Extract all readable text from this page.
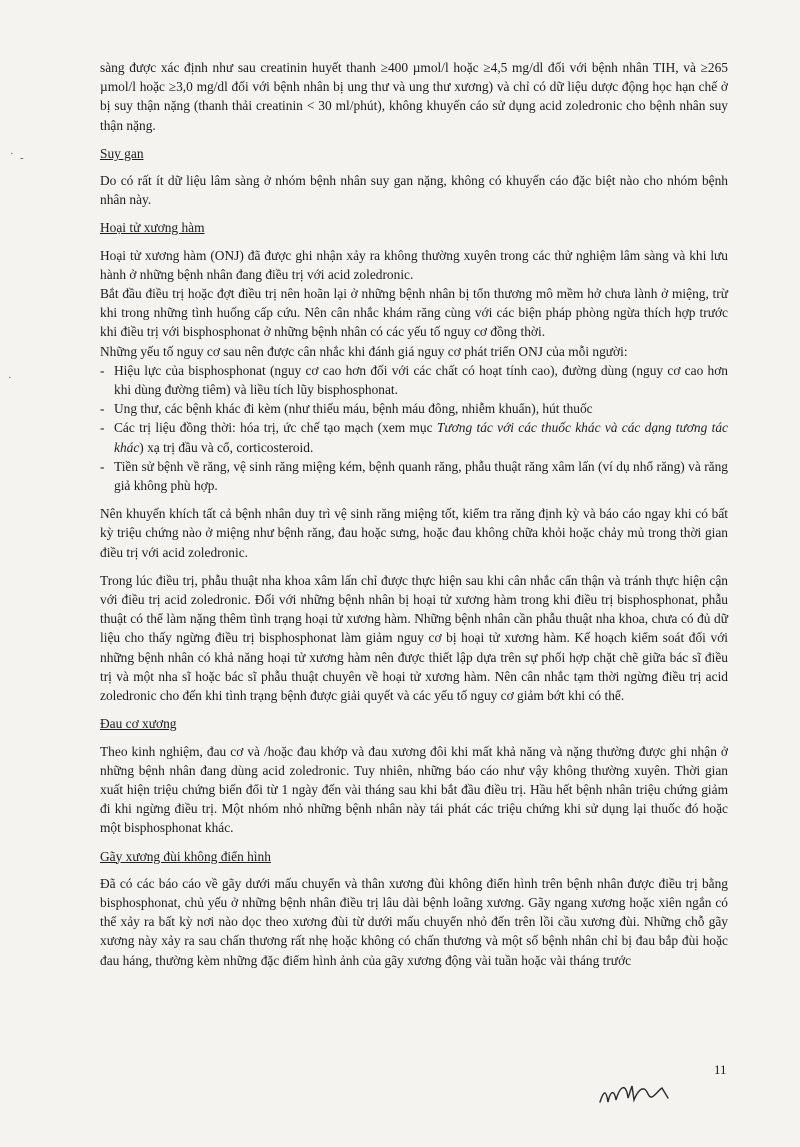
· -
·

sàng được xác định như sau creatinin huyết thanh ≥400 µmol/l hoặc ≥4,5 mg/dl đối với bệnh nhân TIH, và ≥265 µmol/l hoặc ≥3,0 mg/dl đối với bệnh nhân bị ung thư và ung thư xương) và chỉ có dữ liệu dược động học hạn chế ở bị suy thận nặng (thanh thải creatinin < 30 ml/phút), không khuyến cáo sử dụng acid zoledronic cho bệnh nhân suy thận nặng.

Suy gan

Do có rất ít dữ liệu lâm sàng ở nhóm bệnh nhân suy gan nặng, không có khuyến cáo đặc biệt nào cho nhóm bệnh nhân này.

Hoại tử xương hàm

Hoại tử xương hàm (ONJ) đã được ghi nhận xảy ra không thường xuyên trong các thử nghiệm lâm sàng và khi lưu hành ở những bệnh nhân đang điều trị với acid zoledronic.

Bắt đầu điều trị hoặc đợt điều trị nên hoãn lại ở những bệnh nhân bị tổn thương mô mềm hở chưa lành ở miệng, trừ khi trong những tình huống cấp cứu. Nên cân nhắc khám răng cùng với các biện pháp phòng ngừa thích hợp trước khi điều trị với bisphosphonat ở những bệnh nhân có các yếu tố nguy cơ đồng thời.

Những yếu tố nguy cơ sau nên được cân nhắc khi đánh giá nguy cơ phát triển ONJ của mỗi người:

- Hiệu lực của bisphosphonat (nguy cơ cao hơn đối với các chất có hoạt tính cao), đường dùng (nguy cơ cao hơn khi dùng đường tiêm) và liều tích lũy bisphosphonat.
- Ung thư, các bệnh khác đi kèm (như thiếu máu, bệnh máu đông, nhiễm khuẩn), hút thuốc
- Các trị liệu đồng thời: hóa trị, ức chế tạo mạch (xem mục Tương tác với các thuốc khác và các dạng tương tác khác) xạ trị đầu và cổ, corticosteroid.
- Tiền sử bệnh về răng, vệ sinh răng miệng kém, bệnh quanh răng, phẫu thuật răng xâm lấn (ví dụ nhổ răng) và răng giả không phù hợp.

Nên khuyến khích tất cả bệnh nhân duy trì vệ sinh răng miệng tốt, kiểm tra răng định kỳ và báo cáo ngay khi có bất kỳ triệu chứng nào ở miệng như bệnh răng, đau hoặc sưng, hoặc đau không chữa khỏi hoặc chảy mủ trong thời gian điều trị với acid zoledronic.

Trong lúc điều trị, phẫu thuật nha khoa xâm lấn chỉ được thực hiện sau khi cân nhắc cẩn thận và tránh thực hiện cận với điều trị acid zoledronic. Đối với những bệnh nhân bị hoại tử xương hàm trong khi điều trị bisphosphonat, phẫu thuật có thể làm nặng thêm tình trạng hoại tử xương hàm. Những bệnh nhân cần phẫu thuật nha khoa, chưa có đủ dữ liệu cho thấy ngừng điều trị bisphosphonat làm giảm nguy cơ bị hoại tử xương hàm. Kế hoạch kiểm soát đối với những bệnh nhân có khả năng hoại tử xương hàm nên được thiết lập dựa trên sự phối hợp chặt chẽ giữa bác sĩ điều trị và một nha sĩ hoặc bác sĩ phẫu thuật chuyên về hoại tử xương hàm. Nên cân nhắc tạm thời ngừng điều trị acid zoledronic cho đến khi tình trạng bệnh được giải quyết và các yếu tố nguy cơ giảm bớt khi có thể.

Đau cơ xương

Theo kinh nghiệm, đau cơ và /hoặc đau khớp và đau xương đôi khi mất khả năng và nặng thường được ghi nhận ở những bệnh nhân đang dùng acid zoledronic. Tuy nhiên, những báo cáo như vậy không thường xuyên. Thời gian xuất hiện triệu chứng biến đổi từ 1 ngày đến vài tháng sau khi bắt đầu điều trị. Hầu hết bệnh nhân triệu chứng giảm đi khi ngừng điều trị. Một nhóm nhỏ những bệnh nhân này tái phát các triệu chứng khi sử dụng lại thuốc đó hoặc một bisphosphonat khác.

Gãy xương đùi không điển hình

Đã có các báo cáo về gãy dưới mấu chuyển và thân xương đùi không điển hình trên bệnh nhân được điều trị bằng bisphosphonat, chủ yếu ở những bệnh nhân điều trị lâu dài bệnh loãng xương. Gãy ngang xương hoặc xiên ngắn có thể xảy ra bất kỳ nơi nào dọc theo xương đùi từ dưới mấu chuyển nhỏ đến trên lồi cầu xương đùi. Những chỗ gãy xương này xảy ra sau chấn thương rất nhẹ hoặc không có chấn thương và một số bệnh nhân chỉ bị đau bắp đùi hoặc đau háng, thường kèm những đặc điểm hình ảnh của gãy xương động vài tuần hoặc vài tháng trước

11
